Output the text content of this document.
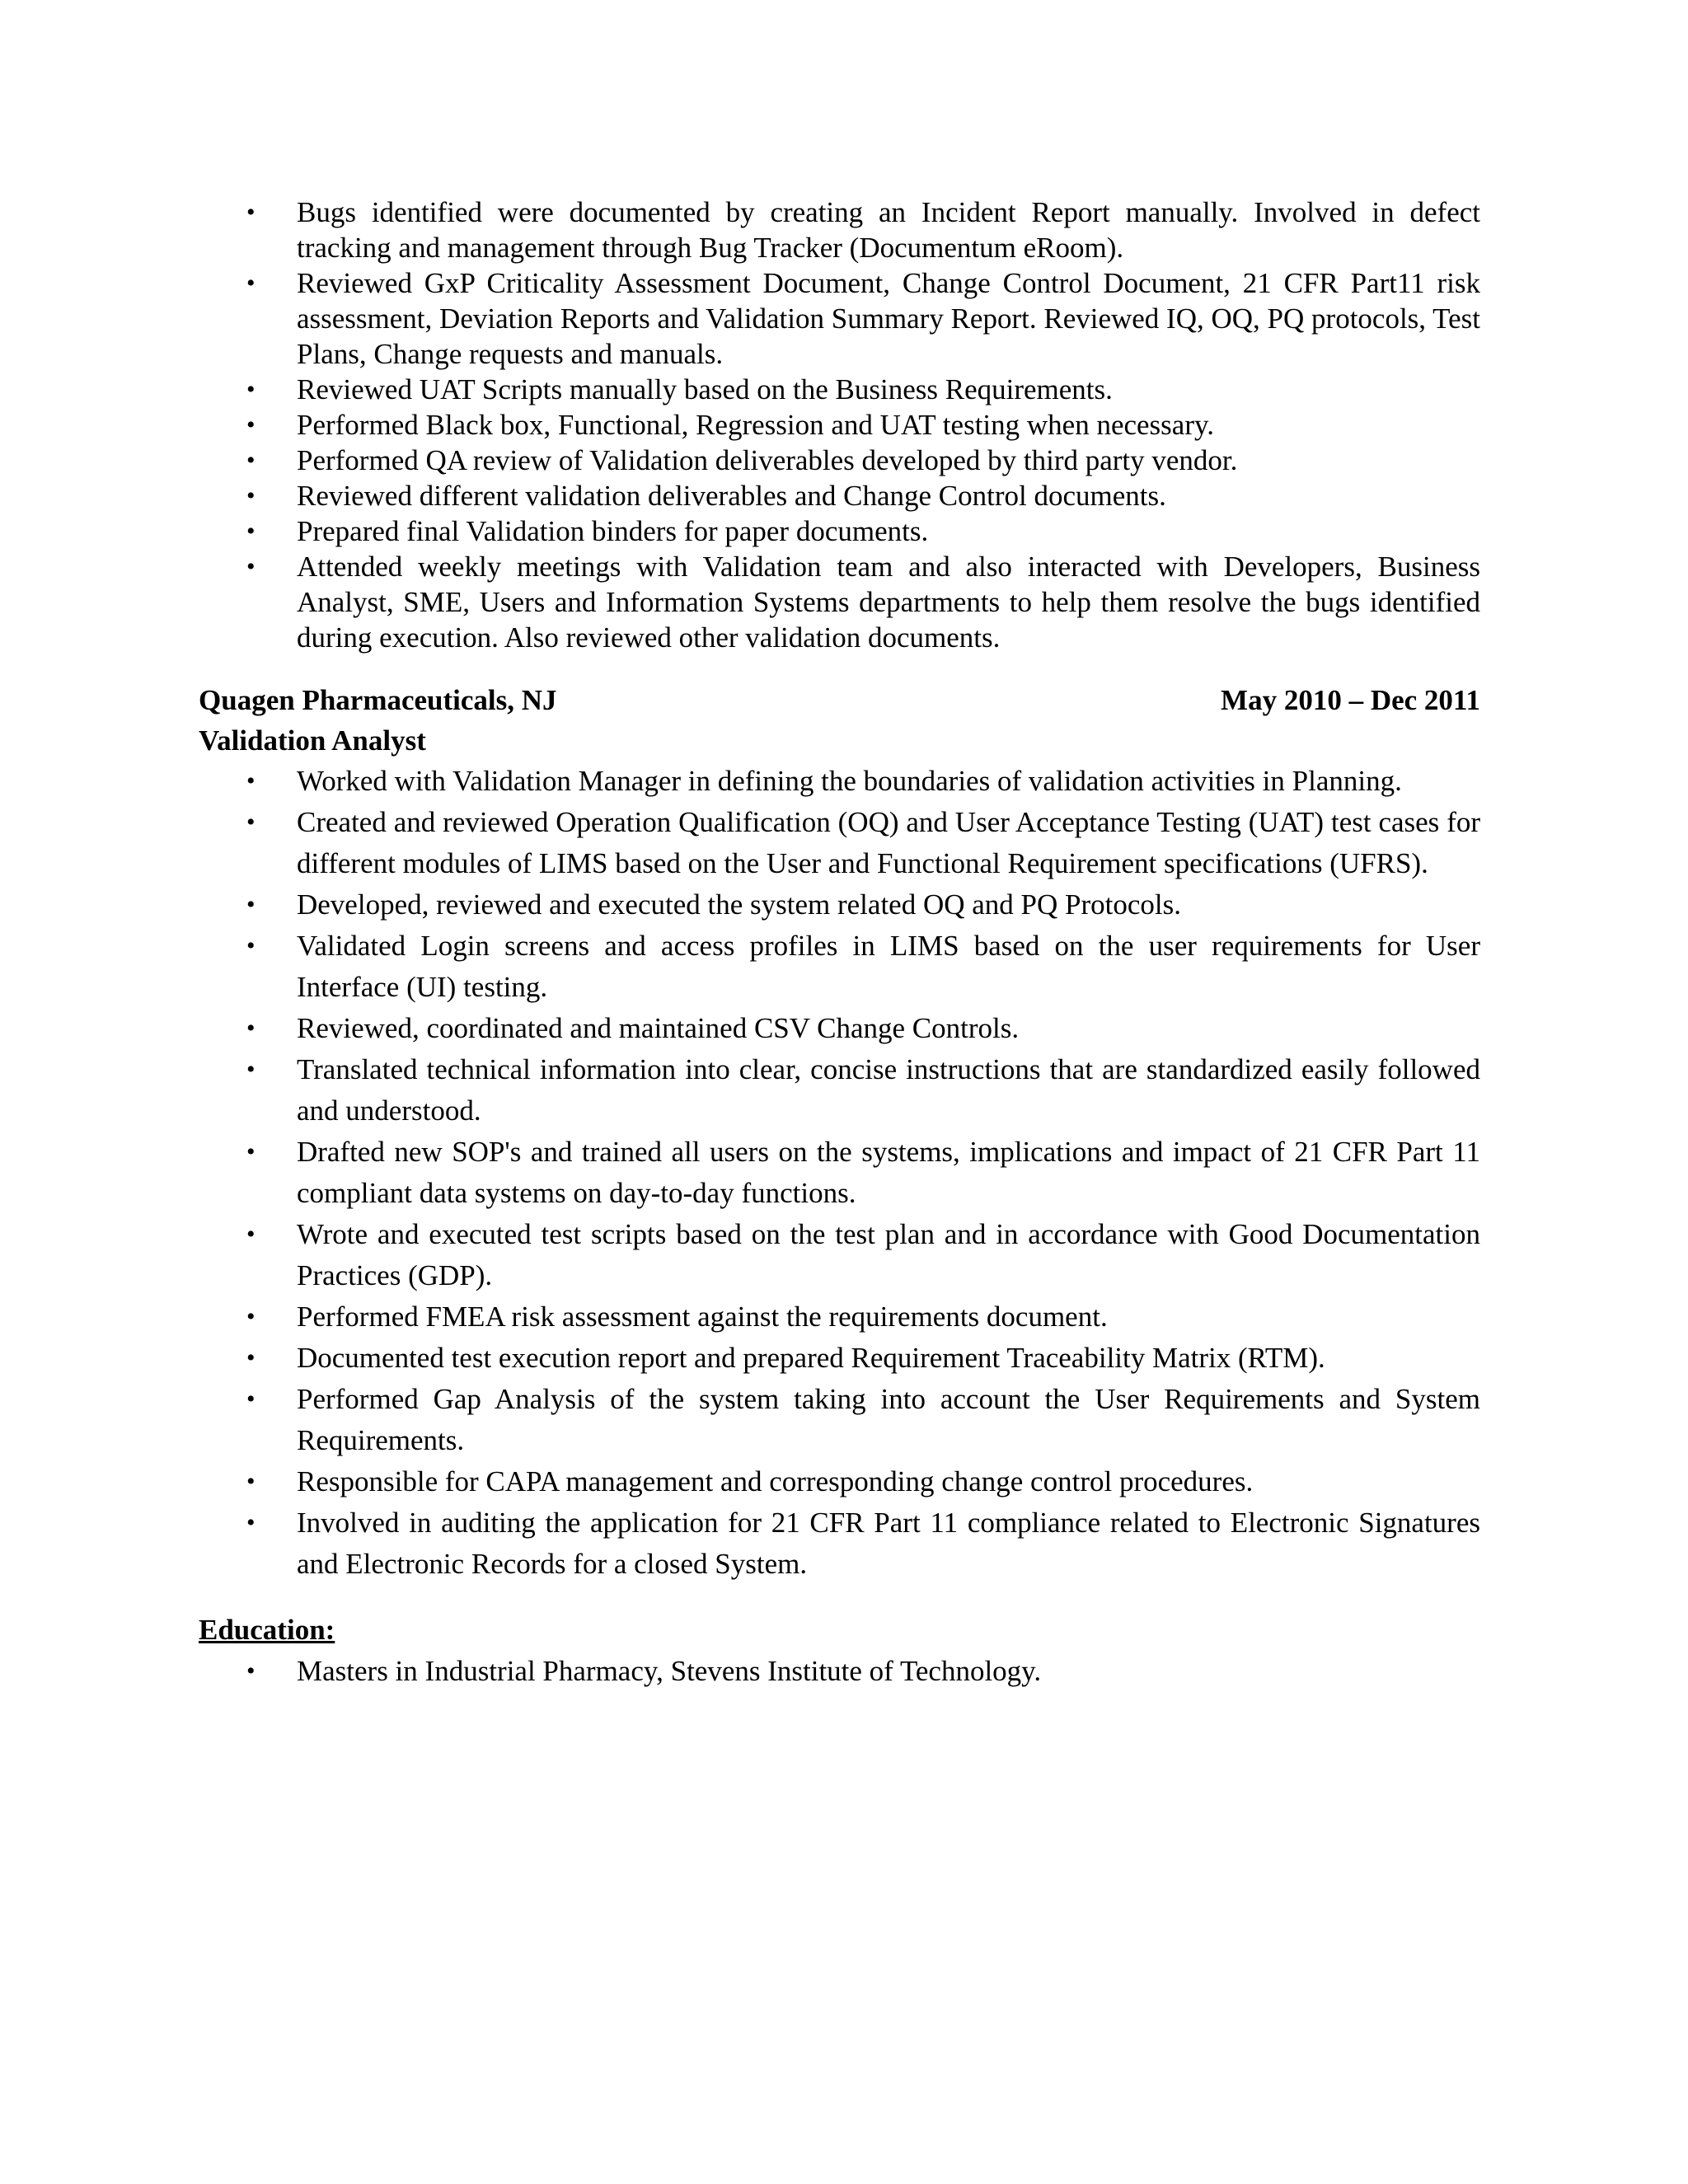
• Bugs identified were documented by creating an Incident Report manually. Involved in defect tracking and management through Bug Tracker (Documentum eRoom).
• Reviewed GxP Criticality Assessment Document, Change Control Document, 21 CFR Part11 risk assessment, Deviation Reports and Validation Summary Report. Reviewed IQ, OQ, PQ protocols, Test Plans, Change requests and manuals.
• Reviewed UAT Scripts manually based on the Business Requirements.
• Performed Black box, Functional, Regression and UAT testing when necessary.
• Performed QA review of Validation deliverables developed by third party vendor.
• Reviewed different validation deliverables and Change Control documents.
• Prepared final Validation binders for paper documents.
• Attended weekly meetings with Validation team and also interacted with Developers, Business Analyst, SME, Users and Information Systems departments to help them resolve the bugs identified during execution. Also reviewed other validation documents.
Quagen Pharmaceuticals, NJ	May 2010 – Dec 2011
Validation Analyst
• Worked with Validation Manager in defining the boundaries of validation activities in Planning.
• Created and reviewed Operation Qualification (OQ) and User Acceptance Testing (UAT) test cases for different modules of LIMS based on the User and Functional Requirement specifications (UFRS).
• Developed, reviewed and executed the system related OQ and PQ Protocols.
• Validated Login screens and access profiles in LIMS based on the user requirements for User Interface (UI) testing.
• Reviewed, coordinated and maintained CSV Change Controls.
• Translated technical information into clear, concise instructions that are standardized easily followed and understood.
• Drafted new SOP's and trained all users on the systems, implications and impact of 21 CFR Part 11 compliant data systems on day-to-day functions.
• Wrote and executed test scripts based on the test plan and in accordance with Good Documentation Practices (GDP).
• Performed FMEA risk assessment against the requirements document.
• Documented test execution report and prepared Requirement Traceability Matrix (RTM).
• Performed Gap Analysis of the system taking into account the User Requirements and System Requirements.
• Responsible for CAPA management and corresponding change control procedures.
• Involved in auditing the application for 21 CFR Part 11 compliance related to Electronic Signatures and Electronic Records for a closed System.
Education:
• Masters in Industrial Pharmacy, Stevens Institute of Technology.
